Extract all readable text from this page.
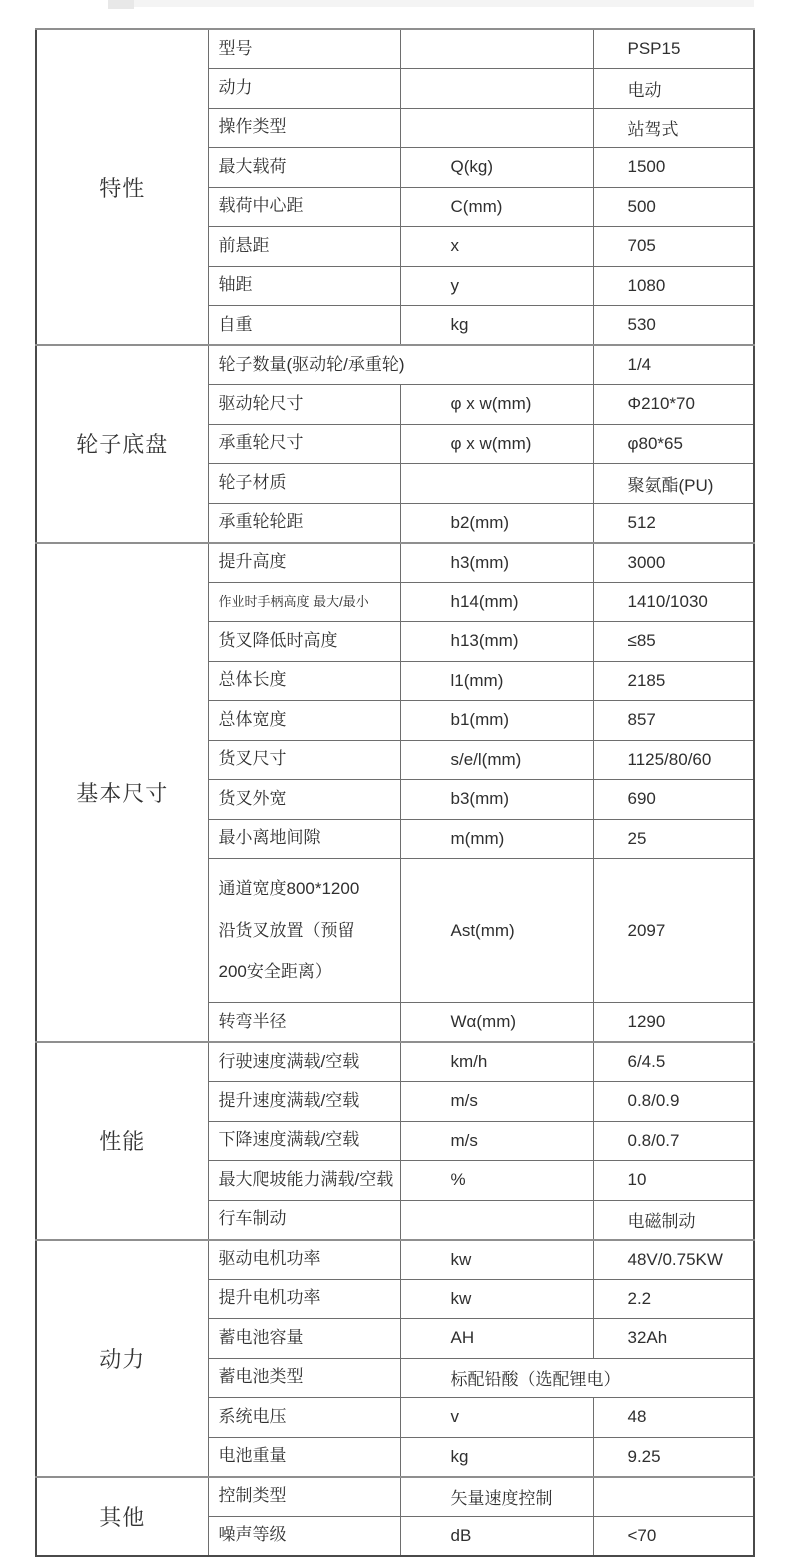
特性	型号		PSP15
	动力		电动
	操作类型		站驾式
	最大载荷	Q(kg)	1500
	载荷中心距	C(mm)	500
	前悬距	x	705
	轴距	y	1080
	自重	kg	530
轮子底盘	轮子数量(驱动轮/承重轮)		1/4
	驱动轮尺寸	φ x w(mm)	Φ210*70
	承重轮尺寸	φ x w(mm)	φ80*65
	轮子材质		聚氨酯(PU)
	承重轮轮距	b2(mm)	512
基本尺寸	提升高度	h3(mm)	3000
	作业时手柄高度 最大/最小	h14(mm)	1410/1030
	货叉降低时高度	h13(mm)	≤85
	总体长度	l1(mm)	2185
	总体宽度	b1(mm)	857
	货叉尺寸	s/e/l(mm)	1125/80/60
	货叉外宽	b3(mm)	690
	最小离地间隙	m(mm)	25
	通道宽度800*1200沿货叉放置（预留200安全距离）	Ast(mm)	2097
	转弯半径	Wα(mm)	1290
性能	行驶速度满载/空载	km/h	6/4.5
	提升速度满载/空载	m/s	0.8/0.9
	下降速度满载/空载	m/s	0.8/0.7
	最大爬坡能力满载/空载	%	10
	行车制动		电磁制动
动力	驱动电机功率	kw	48V/0.75KW
	提升电机功率	kw	2.2
	蓄电池容量	AH	32Ah
	蓄电池类型	标配铅酸（选配锂电）	
	系统电压	v	48
	电池重量	kg	9.25
其他	控制类型	矢量速度控制	
	噪声等级	dB	<70
